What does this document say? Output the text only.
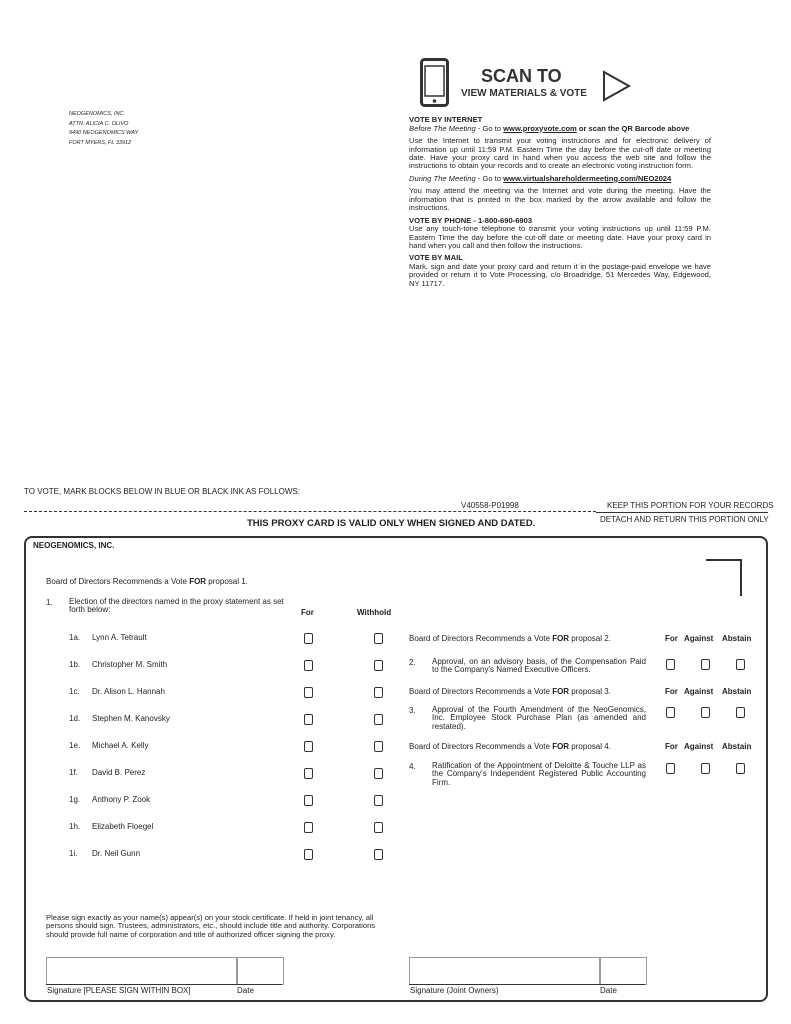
NEOGENOMICS, INC.
ATTN: ALICIA C. OLIVO
9490 NEOGENOMICS WAY
FORT MYERS, FL 33912
SCAN TO
VIEW MATERIALS & VOTE
VOTE BY INTERNET
Before The Meeting - Go to www.proxyvote.com or scan the QR Barcode above
Use the Internet to transmit your voting instructions and for electronic delivery of information up until 11:59 P.M. Eastern Time the day before the cut-off date or meeting date. Have your proxy card in hand when you access the web site and follow the instructions to obtain your records and to create an electronic voting instruction form.
During The Meeting - Go to www.virtualshareholdermeeting.com/NEO2024
You may attend the meeting via the Internet and vote during the meeting. Have the information that is printed in the box marked by the arrow available and follow the instructions.
VOTE BY PHONE - 1-800-690-6903
Use any touch-tone telephone to transmit your voting instructions up until 11:59 P.M. Eastern Time the day before the cut-off date or meeting date. Have your proxy card in hand when you call and then follow the instructions.
VOTE BY MAIL
Mark, sign and date your proxy card and return it in the postage-paid envelope we have provided or return it to Vote Processing, c/o Broadridge, 51 Mercedes Way, Edgewood, NY 11717.
TO VOTE, MARK BLOCKS BELOW IN BLUE OR BLACK INK AS FOLLOWS:
V40558-P01998	KEEP THIS PORTION FOR YOUR RECORDS
DETACH AND RETURN THIS PORTION ONLY
THIS PROXY CARD IS VALID ONLY WHEN SIGNED AND DATED.
NEOGENOMICS, INC.
Board of Directors Recommends a Vote FOR proposal 1.
1. Election of the directors named in the proxy statement as set forth below:	For	Withhold
Please sign exactly as your name(s) appear(s) on your stock certificate. If held in joint tenancy, all persons should sign. Trustees, administrators, etc., should include title and authority. Corporations should provide full name of corporation and title of authorized officer signing the proxy.
Signature [PLEASE SIGN WITHIN BOX]	Date	Signature (Joint Owners)	Date
1a. Lynn A. Tetrault
1b. Christopher M. Smith
1c. Dr. Alison L. Hannah
1d. Stephen M. Kanovsky
1e. Michael A. Kelly
1f. David B. Perez
1g. Anthony P. Zook
1h. Elizabeth Floegel
1i. Dr. Neil Gunn
Board of Directors Recommends a Vote FOR proposal 2.	For Against Abstain
2. Approval, on an advisory basis, of the Compensation Paid to the Company's Named Executive Officers.
Board of Directors Recommends a Vote FOR proposal 3.	For Against Abstain
3. Approval of the Fourth Amendment of the NeoGenomics, Inc. Employee Stock Purchase Plan (as amended and restated).
Board of Directors Recommends a Vote FOR proposal 4.	For Against Abstain
4. Ratification of the Appointment of Deloitte & Touche LLP as the Company's Independent Registered Public Accounting Firm.
